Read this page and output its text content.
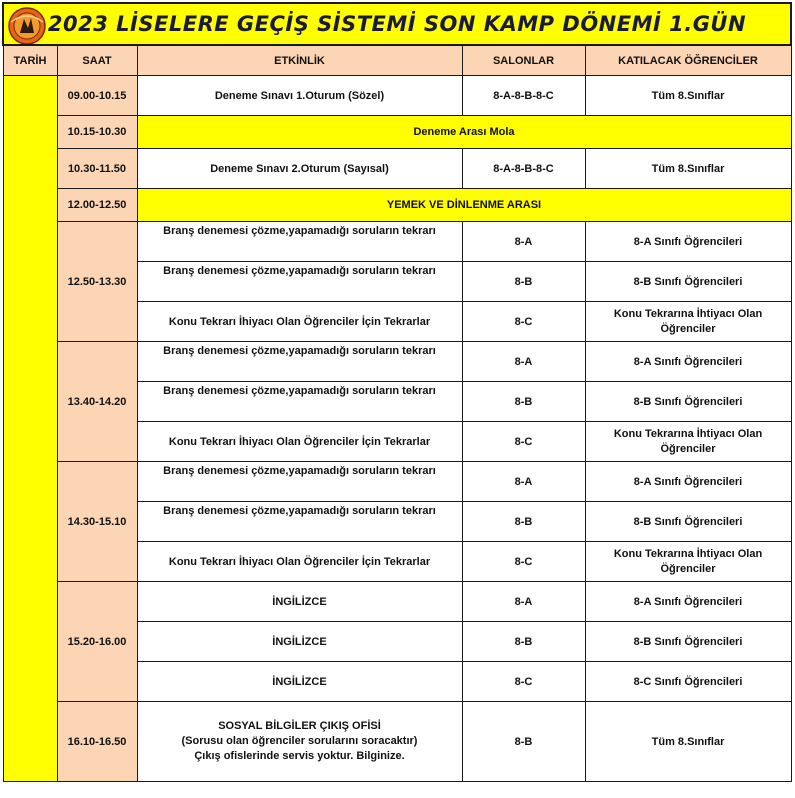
2023 LİSELERE GEÇİŞ SİSTEMİ SON KAMP DÖNEMİ 1.GÜN				
TARİH	SAAT	ETKİNLİK	SALONLAR	KATILACAK ÖĞRENCİLER
	09.00-10.15	Deneme Sınavı 1.Oturum (Sözel)	8-A-8-B-8-C	Tüm 8.Sınıflar
	10.15-10.30	Deneme Arası Mola		
	10.30-11.50	Deneme Sınavı 2.Oturum (Sayısal)	8-A-8-B-8-C	Tüm 8.Sınıflar
	12.00-12.50	YEMEK VE DİNLENME ARASI		
	12.50-13.30	Branş denemesi çözme,yapamadığı soruların tekrarı	8-A	8-A Sınıfı Öğrencileri
		Branş denemesi çözme,yapamadığı soruların tekrarı	8-B	8-B Sınıfı Öğrencileri
		Konu Tekrarı İhiyacı Olan Öğrenciler İçin Tekrarlar	8-C	Konu Tekrarına İhtiyacı Olan Öğrenciler
	13.40-14.20	Branş denemesi çözme,yapamadığı soruların tekrarı	8-A	8-A Sınıfı Öğrencileri
		Branş denemesi çözme,yapamadığı soruların tekrarı	8-B	8-B Sınıfı Öğrencileri
		Konu Tekrarı İhiyacı Olan Öğrenciler İçin Tekrarlar	8-C	Konu Tekrarına İhtiyacı Olan Öğrenciler
	14.30-15.10	Branş denemesi çözme,yapamadığı soruların tekrarı	8-A	8-A Sınıfı Öğrencileri
		Branş denemesi çözme,yapamadığı soruların tekrarı	8-B	8-B Sınıfı Öğrencileri
		Konu Tekrarı İhiyacı Olan Öğrenciler İçin Tekrarlar	8-C	Konu Tekrarına İhtiyacı Olan Öğrenciler
	15.20-16.00	İNGİLİZCE	8-A	8-A Sınıfı Öğrencileri
		İNGİLİZCE	8-B	8-B Sınıfı Öğrencileri
		İNGİLİZCE	8-C	8-C Sınıfı Öğrencileri
	16.10-16.50	SOSYAL BİLGİLER ÇIKIŞ OFİSİ
(Sorusu olan öğrenciler sorularını soracaktır)
Çıkış ofislerinde servis yoktur. Bilginize.	8-B	Tüm 8.Sınıflar
